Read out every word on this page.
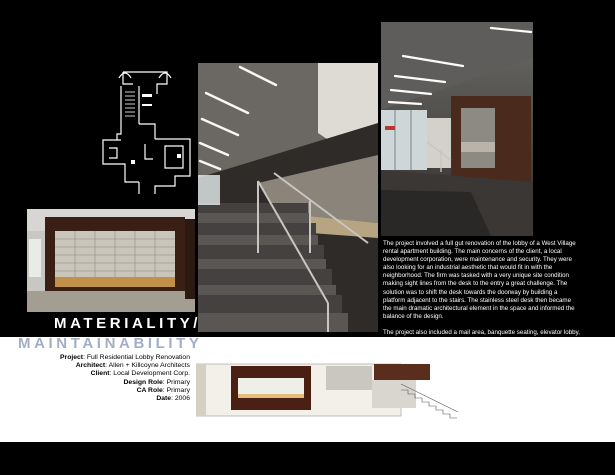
The project involved a full gut renovation of the lobby of a West Village rental apartment building. The main concerns of the client, a local development corporation, were maintenance and security. They were also looking for an industrial aesthetic that would fit in with the neighborhood. The firm was tasked with a very unique site condition making sight lines from the desk to the entry a great challenge. The solution was to shift the desk towards the doorway by building a platform adjacent to the stairs. The stainless steel desk then became the main dramatic architectural element in the space and informed the balance of the design.

The project also included a mail area, banquette seating, elevator lobby, completely new finishes and lighting throughout.

MATERIALITY/
MAINTAINABILITY
Project: Full Residential Lobby Renovation
Architect: Allen + Killcoyne Architects
Client: Local Development Corp.
Design Role: Primary
CA Role: Primary
Date: 2006
